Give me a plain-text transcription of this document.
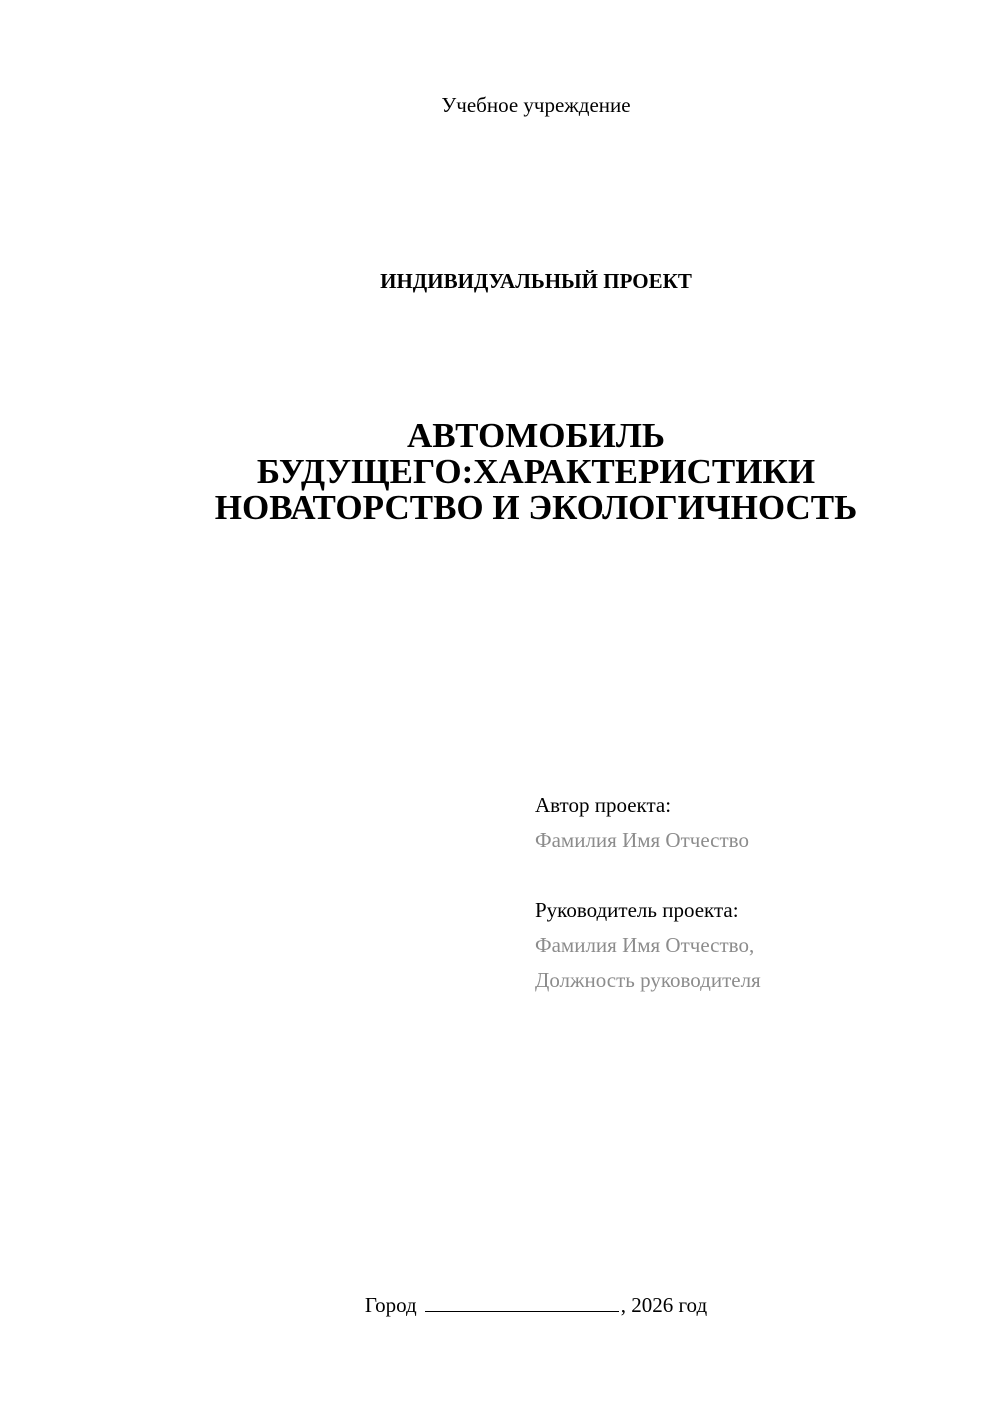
Учебное учреждение
ИНДИВИДУАЛЬНЫЙ ПРОЕКТ
АВТОМОБИЛЬ
БУДУЩЕГО:ХАРАКТЕРИСТИКИ
НОВАТОРСТВО И ЭКОЛОГИЧНОСТЬ
Автор проекта:
Фамилия Имя Отчество
Руководитель проекта:
Фамилия Имя Отчество,
Должность руководителя
Город	, 2026 год
